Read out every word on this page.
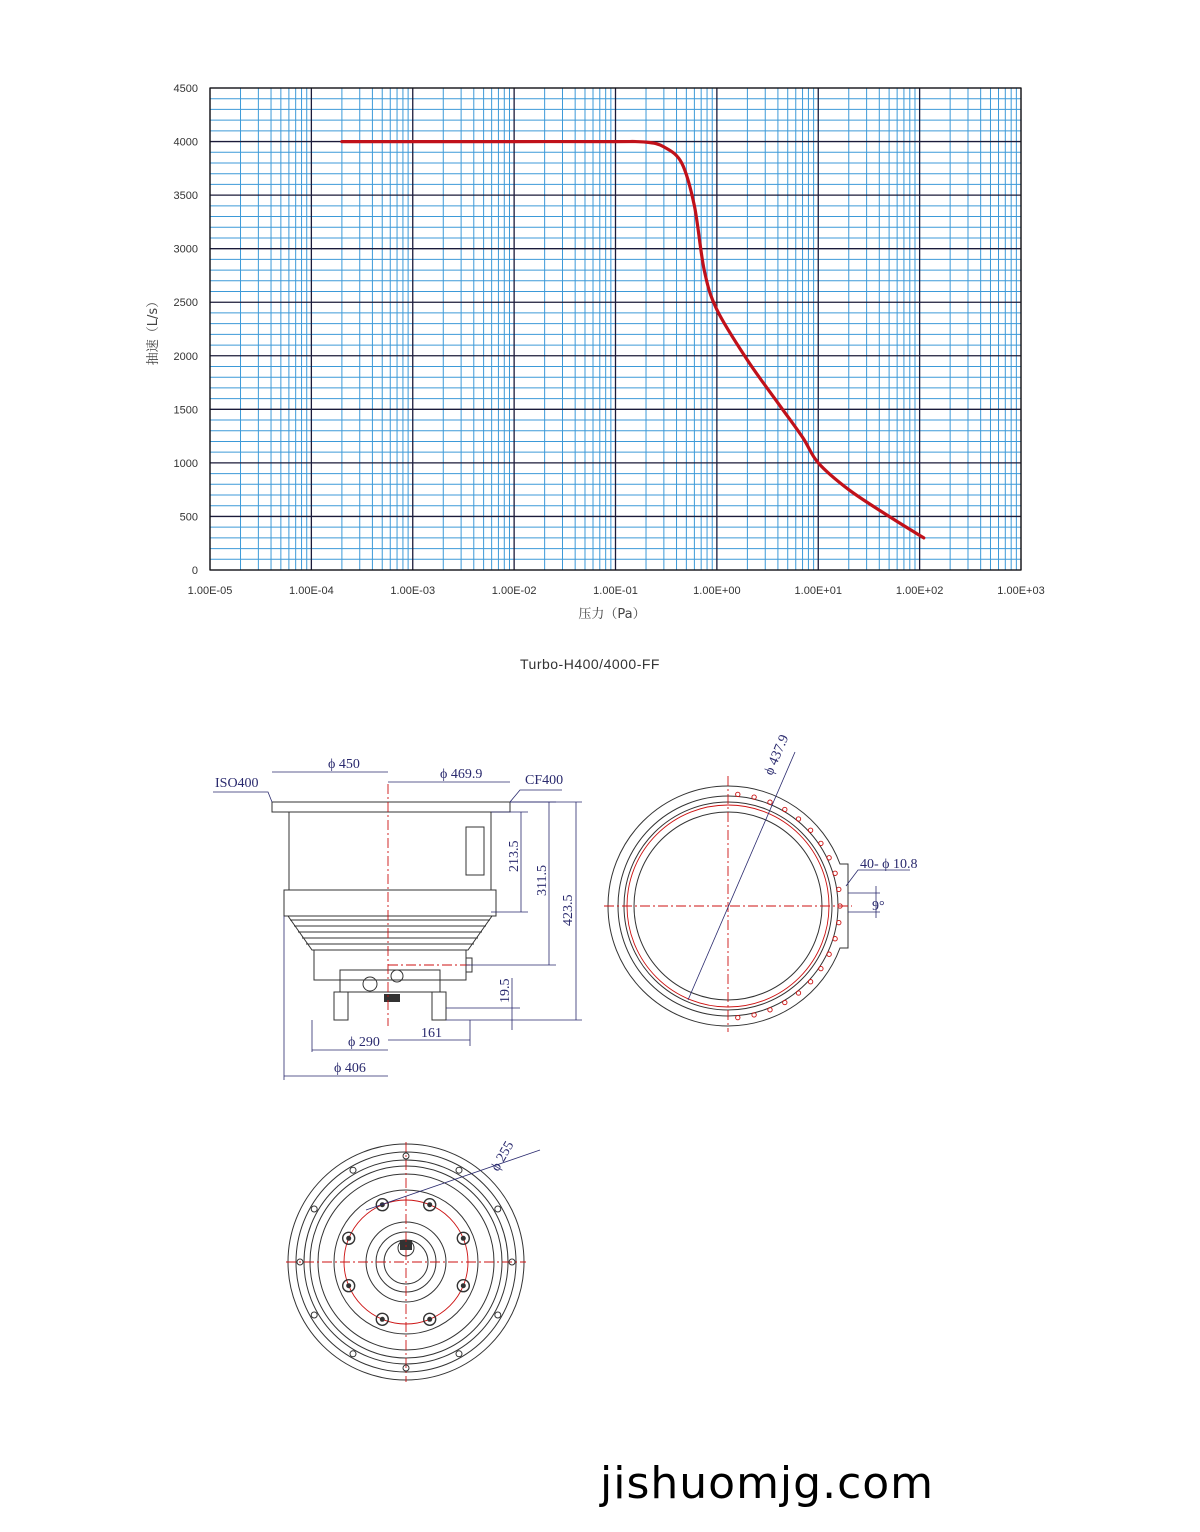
0
500
1000
1500
2000
2500
3000
3500
4000
4500
1.00E-05	1.00E-04	1.00E-03	1.00E-02	1.00E-01	1.00E+00	1.00E+01	1.00E+02	1.00E+03
抽速（L/s）
压力（Pa）
Turbo-H400/4000-FF
ISO400
ϕ 450
ϕ 469.9	CF400
213.5
311.5
423.5
19.5
ϕ 290
161
ϕ 406
ϕ 437.9
40- ϕ 10.8
9°
ϕ 255
jishuomjg.com
